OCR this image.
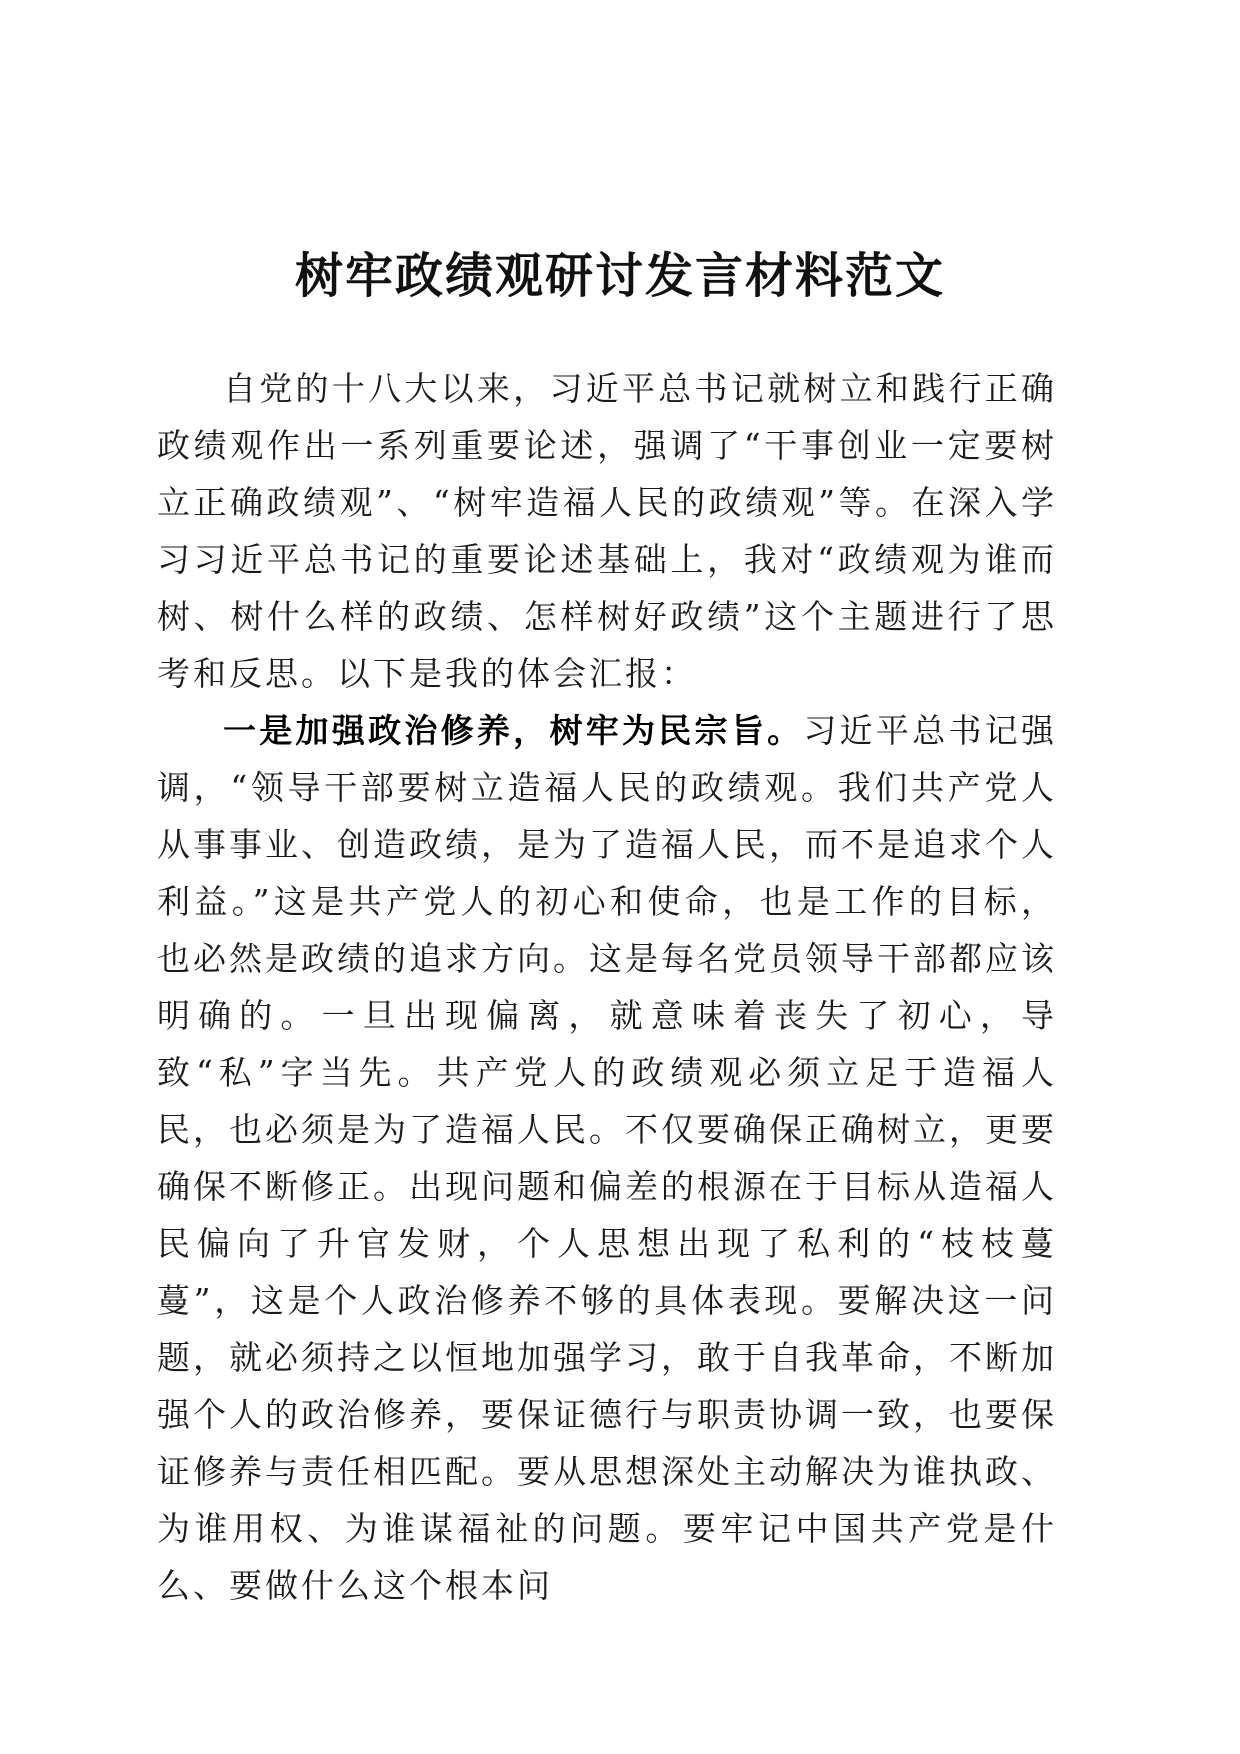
树牢政绩观研讨发言材料范文

自党的十八大以来，习近平总书记就树立和践行正确政绩观作出一系列重要论述，强调了“干事创业一定要树立正确政绩观”、“树牢造福人民的政绩观”等。在深入学习习近平总书记的重要论述基础上，我对“政绩观为谁而树、树什么样的政绩、怎样树好政绩”这个主题进行了思考和反思。以下是我的体会汇报：

一是加强政治修养，树牢为民宗旨。习近平总书记强调，“领导干部要树立造福人民的政绩观。我们共产党人从事事业、创造政绩，是为了造福人民，而不是追求个人利益。”这是共产党人的初心和使命，也是工作的目标，也必然是政绩的追求方向。这是每名党员领导干部都应该明确的。一旦出现偏离，就意味着丧失了初心，导致“私”字当先。共产党人的政绩观必须立足于造福人民，也必须是为了造福人民。不仅要确保正确树立，更要确保不断修正。出现问题和偏差的根源在于目标从造福人民偏向了升官发财，个人思想出现了私利的“枝枝蔓蔓”，这是个人政治修养不够的具体表现。要解决这一问题，就必须持之以恒地加强学习，敢于自我革命，不断加强个人的政治修养，要保证德行与职责协调一致，也要保证修养与责任相匹配。要从思想深处主动解决为谁执政、为谁用权、为谁谋福祉的问题。要牢记中国共产党是什么、要做什么这个根本问
